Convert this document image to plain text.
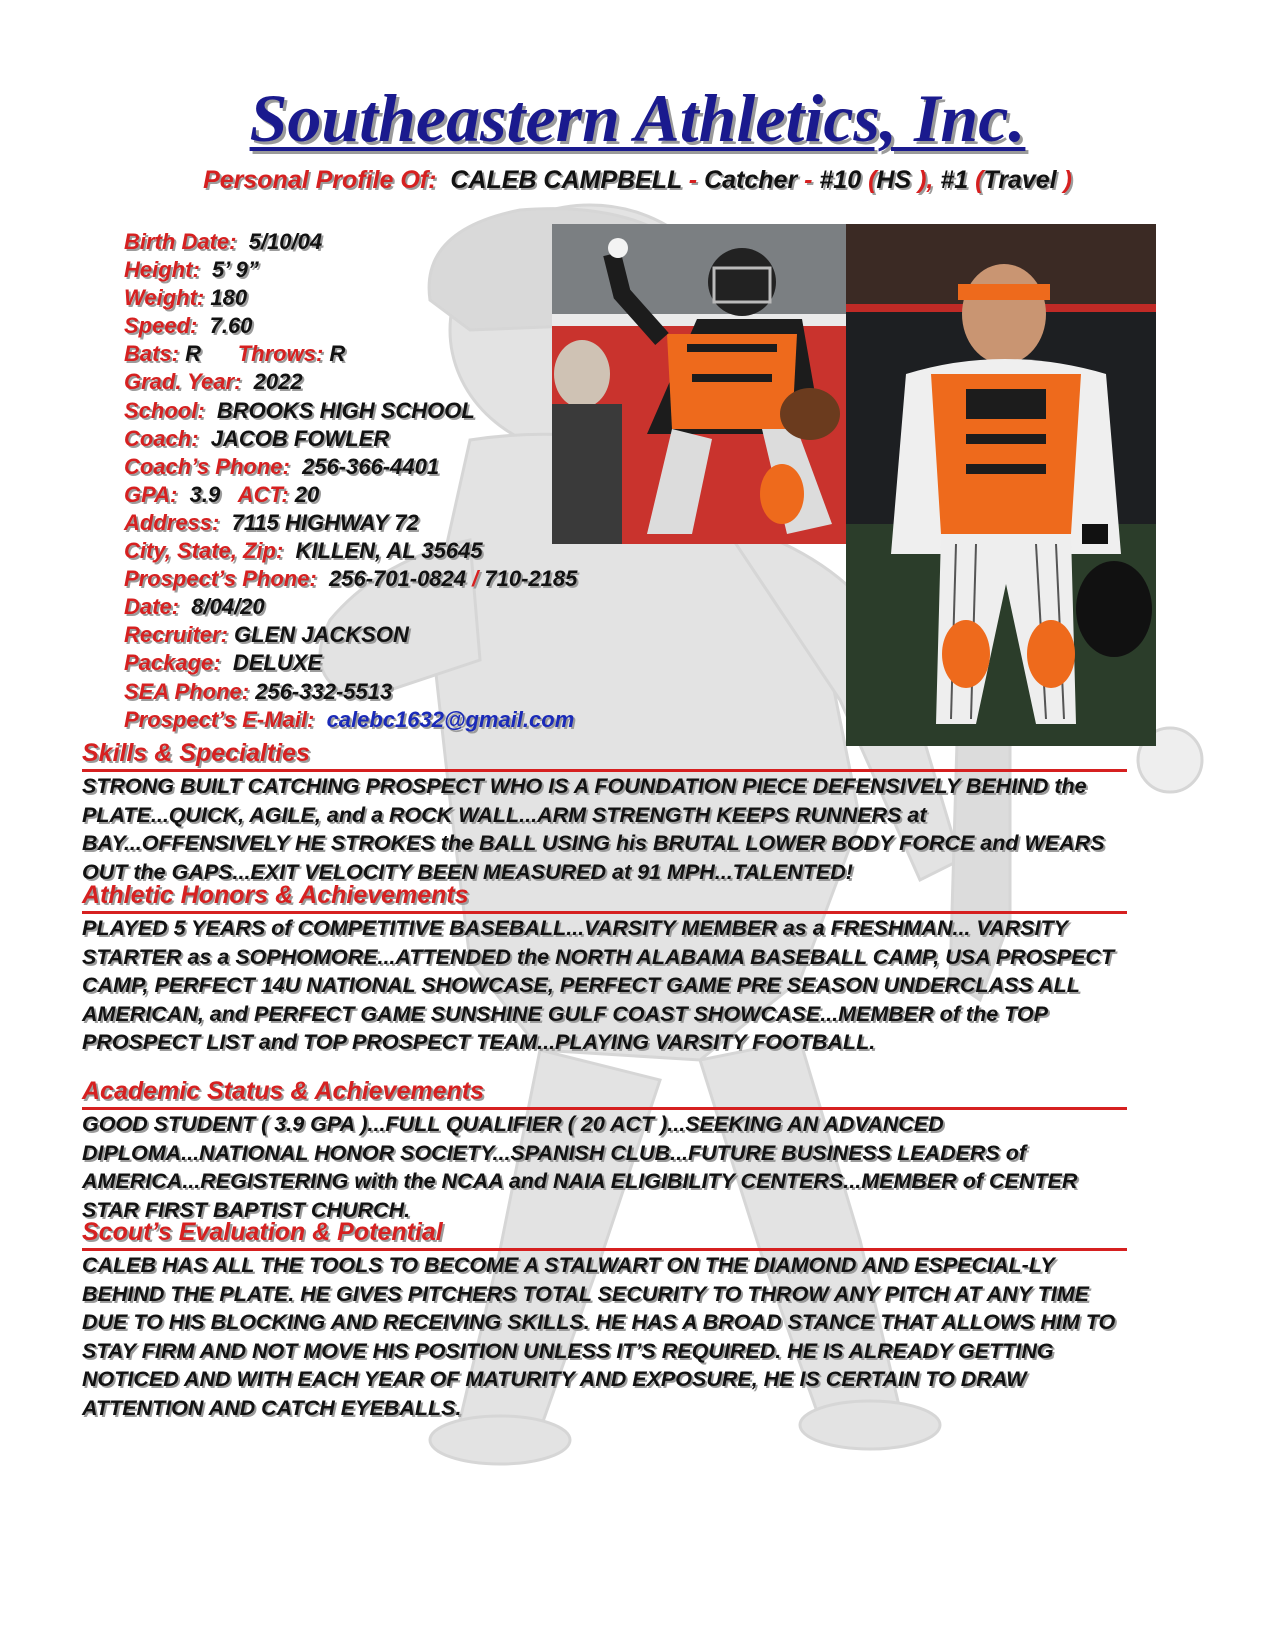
Southeastern Athletics, Inc.
Personal Profile Of: CALEB CAMPBELL - Catcher - #10 (HS ), #1 (Travel )
Birth Date: 5/10/04
Height: 5’ 9”
Weight: 180
Speed: 7.60
Bats: R Throws: R
Grad. Year: 2022
School: BROOKS HIGH SCHOOL
Coach: JACOB FOWLER
Coach’s Phone: 256-366-4401
GPA: 3.9 ACT: 20
Address: 7115 HIGHWAY 72
City, State, Zip: KILLEN, AL 35645
Prospect’s Phone: 256-701-0824 / 710-2185
Date: 8/04/20
Recruiter: GLEN JACKSON
Package: DELUXE
SEA Phone: 256-332-5513
Prospect’s E-Mail: calebc1632@gmail.com
Skills & Specialties

STRONG BUILT CATCHING PROSPECT WHO IS A FOUNDATION PIECE DEFENSIVELY BEHIND the PLATE...QUICK, AGILE, and a ROCK WALL...ARM STRENGTH KEEPS RUNNERS at BAY...OFFENSIVELY HE STROKES the BALL USING his BRUTAL LOWER BODY FORCE and WEARS OUT the GAPS...EXIT VELOCITY BEEN MEASURED at 91 MPH...TALENTED!

Athletic Honors & Achievements

PLAYED 5 YEARS of COMPETITIVE BASEBALL...VARSITY MEMBER as a FRESHMAN... VARSITY STARTER as a SOPHOMORE...ATTENDED the NORTH ALABAMA BASEBALL CAMP, USA PROSPECT CAMP, PERFECT 14U NATIONAL SHOWCASE, PERFECT GAME PRE SEASON UNDERCLASS ALL AMERICAN, and PERFECT GAME SUNSHINE GULF COAST SHOWCASE...MEMBER of the TOP PROSPECT LIST and TOP PROSPECT TEAM...PLAYING VARSITY FOOTBALL.

Academic Status & Achievements

GOOD STUDENT ( 3.9 GPA )...FULL QUALIFIER ( 20 ACT )...SEEKING AN ADVANCED DIPLOMA...NATIONAL HONOR SOCIETY...SPANISH CLUB...FUTURE BUSINESS LEADERS of AMERICA...REGISTERING with the NCAA and NAIA ELIGIBILITY CENTERS...MEMBER of CENTER STAR FIRST BAPTIST CHURCH.

Scout’s Evaluation & Potential

CALEB HAS ALL THE TOOLS TO BECOME A STALWART ON THE DIAMOND AND ESPECIAL-LY BEHIND THE PLATE. HE GIVES PITCHERS TOTAL SECURITY TO THROW ANY PITCH AT ANY TIME DUE TO HIS BLOCKING AND RECEIVING SKILLS. HE HAS A BROAD STANCE THAT ALLOWS HIM TO STAY FIRM AND NOT MOVE HIS POSITION UNLESS IT’S REQUIRED. HE IS ALREADY GETTING NOTICED AND WITH EACH YEAR OF MATURITY AND EXPOSURE, HE IS CERTAIN TO DRAW ATTENTION AND CATCH EYEBALLS.
